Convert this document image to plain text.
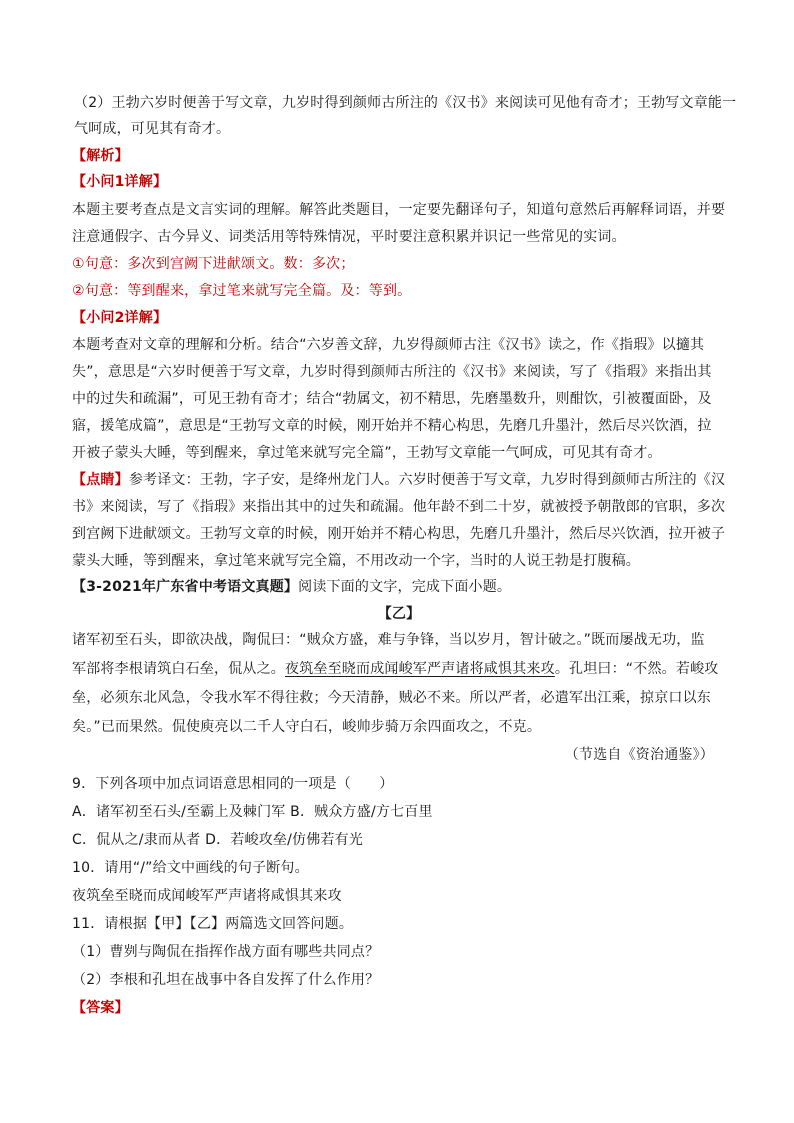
（2）王勃六岁时便善于写文章，九岁时得到颜师古所注的《汉书》来阅读可见他有奇才；王勃写文章能一

气呵成，可见其有奇才。

【解析】

【小问1详解】

本题主要考查点是文言实词的理解。解答此类题目，一定要先翻译句子，知道句意然后再解释词语，并要

注意通假字、古今异义、词类活用等特殊情况，平时要注意积累并识记一些常见的实词。

①句意：多次到宫阙下进献颂文。数：多次；

②句意：等到醒来，拿过笔来就写完全篇。及：等到。

【小问2详解】

本题考查对文章的理解和分析。结合“六岁善文辞，九岁得颜师古注《汉书》读之，作《指瑕》以擿其

失”，意思是“六岁时便善于写文章，九岁时得到颜师古所注的《汉书》来阅读，写了《指瑕》来指出其

中的过失和疏漏”，可见王勃有奇才；结合“勃属文，初不精思，先磨墨数升，则酣饮，引被覆面卧，及

寤，援笔成篇”，意思是“王勃写文章的时候，刚开始并不精心构思，先磨几升墨汁，然后尽兴饮酒，拉

开被子蒙头大睡，等到醒来，拿过笔来就写完全篇”，王勃写文章能一气呵成，可见其有奇才。

【点睛】参考译文：王勃，字子安，是绛州龙门人。六岁时便善于写文章，九岁时得到颜师古所注的《汉

书》来阅读，写了《指瑕》来指出其中的过失和疏漏。他年龄不到二十岁，就被授予朝散郎的官职，多次

到宫阙下进献颂文。王勃写文章的时候，刚开始并不精心构思，先磨几升墨汁，然后尽兴饮酒，拉开被子

蒙头大睡，等到醒来，拿过笔来就写完全篇，不用改动一个字，当时的人说王勃是打腹稿。

【3-2021年广东省中考语文真题】阅读下面的文字，完成下面小题。

【乙】

诸军初至石头，即欲决战，陶侃曰：“贼众方盛，难与争锋，当以岁月，智计破之。”既而屡战无功，监

军部将李根请筑白石垒，侃从之。夜筑垒至晓而成闻峻军严声诸将咸惧其来攻。孔坦曰：“不然。若峻攻

垒，必须东北风急，令我水军不得往救；今天清静，贼必不来。所以严者，必遣军出江乘，掠京口以东

矣。”已而果然。侃使庾亮以二千人守白石，峻帅步骑万余四面攻之，不克。

（节选自《资治通鉴》）

9．下列各项中加点词语意思相同的一项是（　　）

A．诸军初至石头/至霸上及棘门军 B．贼众方盛/方七百里

C．侃从之/隶而从者 D．若峻攻垒/仿佛若有光

10．请用“/”给文中画线的句子断句。

夜筑垒至晓而成闻峻军严声诸将咸惧其来攻

11．请根据【甲】【乙】两篇选文回答问题。

（1）曹刿与陶侃在指挥作战方面有哪些共同点？

（2）李根和孔坦在战事中各自发挥了什么作用？

【答案】
